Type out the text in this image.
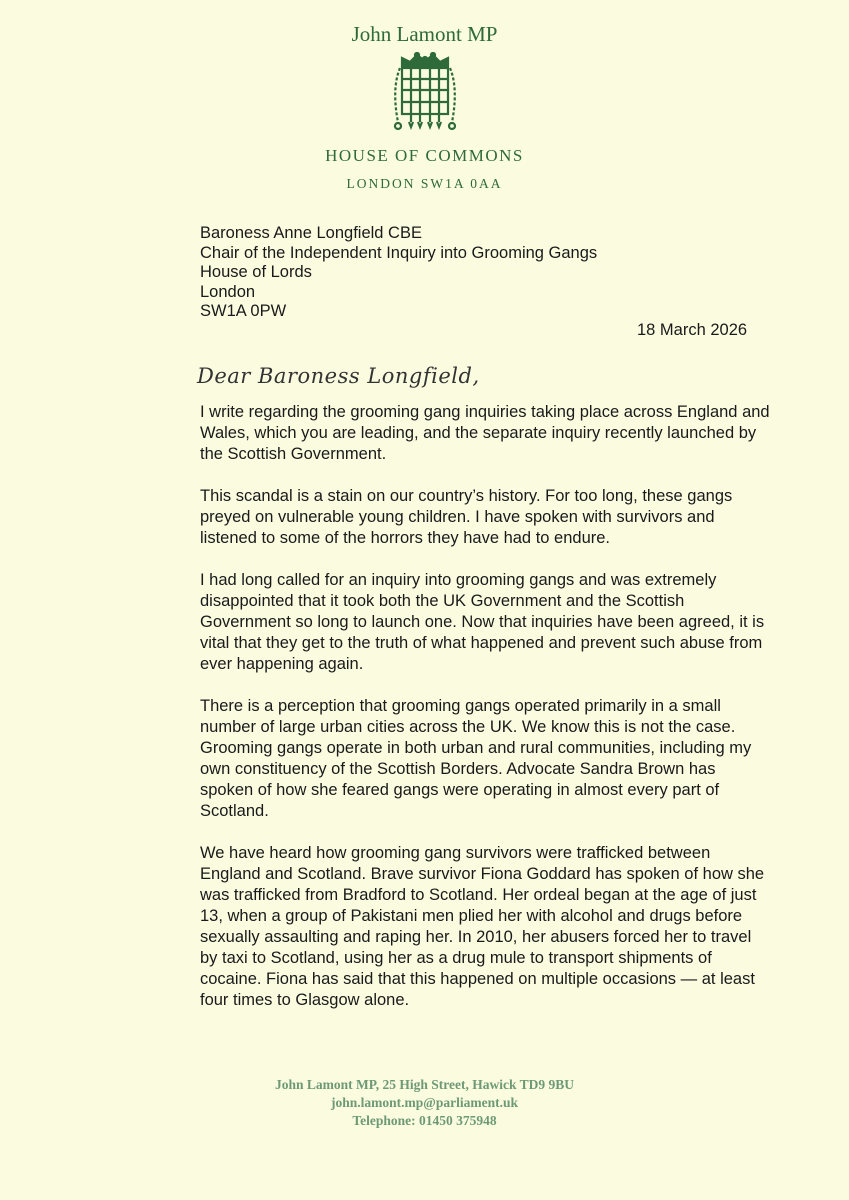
John Lamont MP
HOUSE OF COMMONS
LONDON SW1A 0AA
Baroness Anne Longfield CBE
Chair of the Independent Inquiry into Grooming Gangs
House of Lords
London
SW1A 0PW
18 March 2026
Dear Baroness Longfield,

I write regarding the grooming gang inquiries taking place across England and Wales, which you are leading, and the separate inquiry recently launched by the Scottish Government.

This scandal is a stain on our country’s history. For too long, these gangs preyed on vulnerable young children. I have spoken with survivors and listened to some of the horrors they have had to endure.

I had long called for an inquiry into grooming gangs and was extremely disappointed that it took both the UK Government and the Scottish Government so long to launch one. Now that inquiries have been agreed, it is vital that they get to the truth of what happened and prevent such abuse from ever happening again.

There is a perception that grooming gangs operated primarily in a small number of large urban cities across the UK. We know this is not the case. Grooming gangs operate in both urban and rural communities, including my own constituency of the Scottish Borders. Advocate Sandra Brown has spoken of how she feared gangs were operating in almost every part of Scotland.

We have heard how grooming gang survivors were trafficked between England and Scotland. Brave survivor Fiona Goddard has spoken of how she was trafficked from Bradford to Scotland. Her ordeal began at the age of just 13, when a group of Pakistani men plied her with alcohol and drugs before sexually assaulting and raping her. In 2010, her abusers forced her to travel by taxi to Scotland, using her as a drug mule to transport shipments of cocaine. Fiona has said that this happened on multiple occasions — at least four times to Glasgow alone.

John Lamont MP, 25 High Street, Hawick TD9 9BU
john.lamont.mp@parliament.uk
Telephone: 01450 375948
